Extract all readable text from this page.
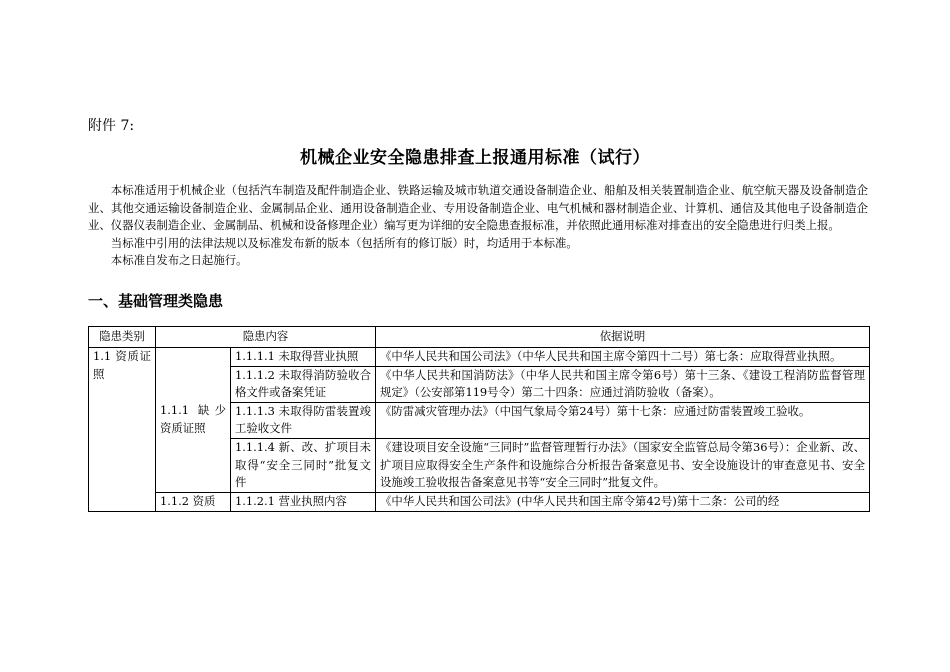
附件 7:
机械企业安全隐患排查上报通用标准（试行）

本标准适用于机械企业（包括汽车制造及配件制造企业、铁路运输及城市轨道交通设备制造企业、船舶及相关装置制造企业、航空航天器及设备制造企业、其他交通运输设备制造企业、金属制品企业、通用设备制造企业、专用设备制造企业、电气机械和器材制造企业、计算机、通信及其他电子设备制造企业、仪器仪表制造企业、金属制品、机械和设备修理企业）编写更为详细的安全隐患查报标准，并依照此通用标准对排查出的安全隐患进行归类上报。

当标准中引用的法律法规以及标准发布新的版本（包括所有的修订版）时，均适用于本标准。

本标准自发布之日起施行。

一、基础管理类隐患
隐患类别	隐患内容		依据说明
1.1 资质证照	1.1.1 缺少资质证照	1.1.1.1 未取得营业执照	《中华人民共和国公司法》（中华人民共和国主席令第四十二号）第七条：应取得营业执照。
		1.1.1.2 未取得消防验收合格文件或备案凭证	《中华人民共和国消防法》（中华人民共和国主席令第6号）第十三条、《建设工程消防监督管理规定》（公安部第119号令）第二十四条：应通过消防验收（备案）。
		1.1.1.3 未取得防雷装置竣工验收文件	《防雷减灾管理办法》（中国气象局令第24号）第十七条：应通过防雷装置竣工验收。
		1.1.1.4 新、改、扩项目未取得“安全三同时”批复文件	《建设项目安全设施“三同时”监督管理暂行办法》（国家安全监管总局令第36号）：企业新、改、扩项目应取得安全生产条件和设施综合分析报告备案意见书、安全设施设计的审查意见书、安全设施竣工验收报告备案意见书等“安全三同时”批复文件。

	1.1.2 资质	1.1.2.1 营业执照内容	《中华人民共和国公司法》(中华人民共和国主席令第42号)第十二条：公司的经
